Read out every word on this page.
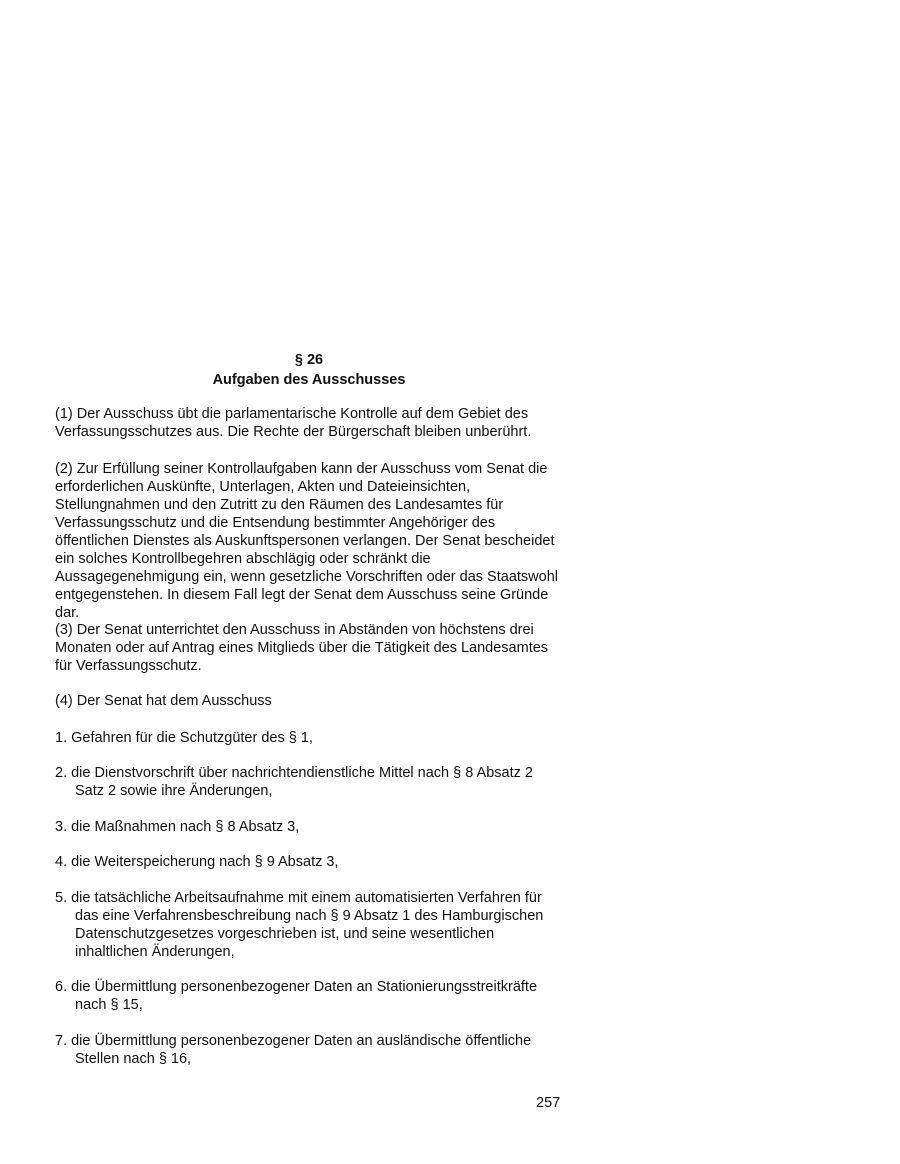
§ 26
Aufgaben des Ausschusses

(1) Der Ausschuss übt die parlamentarische Kontrolle auf dem Gebiet des Verfassungsschutzes aus. Die Rechte der Bürgerschaft bleiben unberührt.

(2) Zur Erfüllung seiner Kontrollaufgaben kann der Ausschuss vom Senat die erforderlichen Auskünfte, Unterlagen, Akten und Dateieinsichten, Stellungnahmen und den Zutritt zu den Räumen des Landesamtes für Verfassungsschutz und die Entsendung bestimmter Angehöriger des öffentlichen Dienstes als Auskunftspersonen verlangen. Der Senat bescheidet ein solches Kontrollbegehren abschlägig oder schränkt die Aussagegenehmigung ein, wenn gesetzliche Vorschriften oder das Staatswohl entgegenstehen. In diesem Fall legt der Senat dem Ausschuss seine Gründe dar.

(3) Der Senat unterrichtet den Ausschuss in Abständen von höchstens drei Monaten oder auf Antrag eines Mitglieds über die Tätigkeit des Landesamtes für Verfassungsschutz.

(4) Der Senat hat dem Ausschuss

1. Gefahren für die Schutzgüter des § 1,

2. die Dienstvorschrift über nachrichtendienstliche Mittel nach § 8 Absatz 2 Satz 2 sowie ihre Änderungen,

3. die Maßnahmen nach § 8 Absatz 3,

4. die Weiterspeicherung nach § 9 Absatz 3,

5. die tatsächliche Arbeitsaufnahme mit einem automatisierten Verfahren für das eine Verfahrensbeschreibung nach § 9 Absatz 1 des Hamburgischen Datenschutzgesetzes vorgeschrieben ist, und seine wesentlichen inhaltlichen Änderungen,

6. die Übermittlung personenbezogener Daten an Stationierungsstreitkräfte nach § 15,

7. die Übermittlung personenbezogener Daten an ausländische öffentliche Stellen nach § 16,

257
